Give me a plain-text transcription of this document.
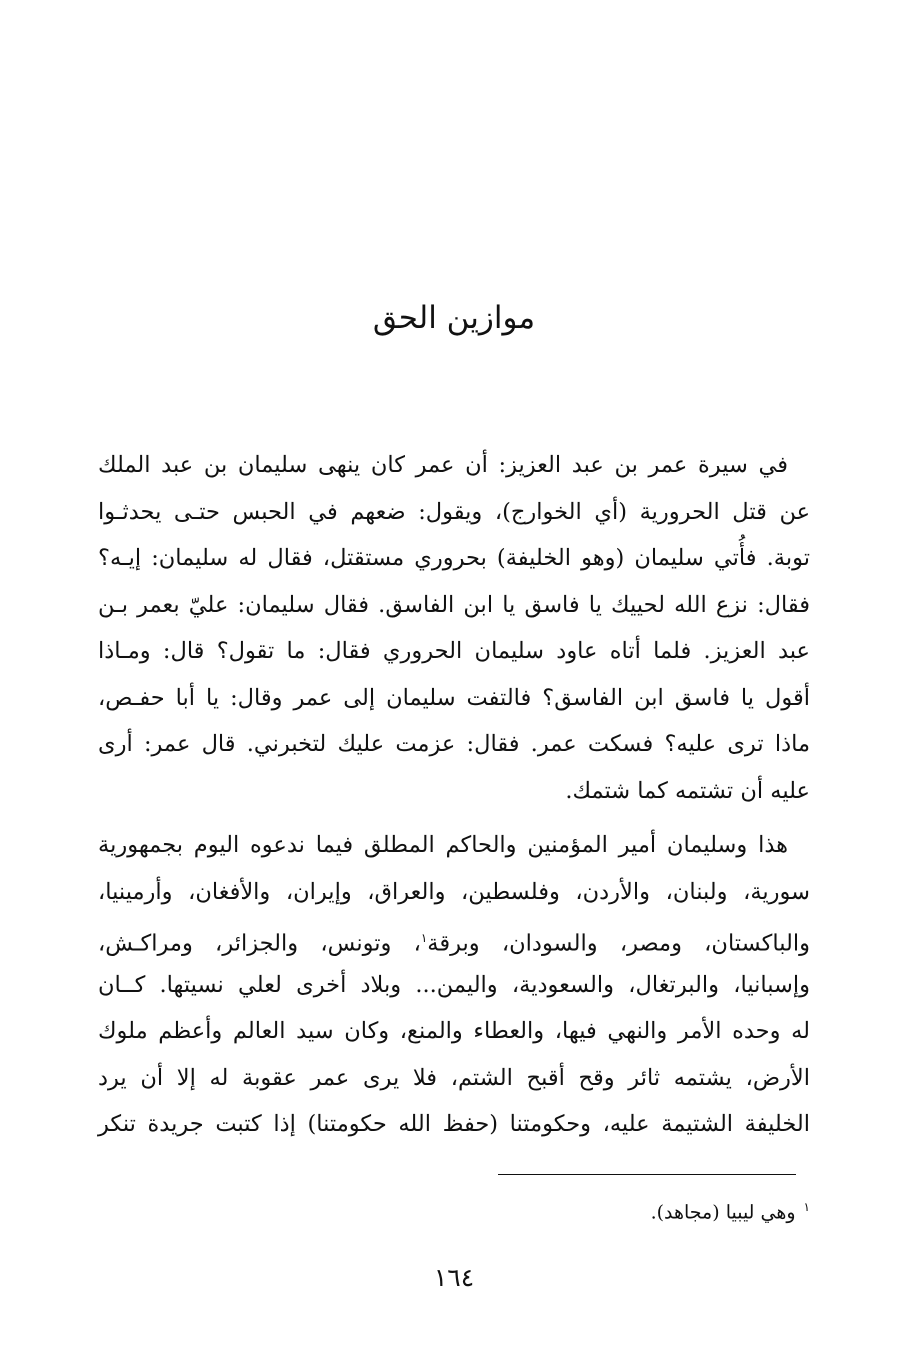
موازين الحق
في سيرة عمر بن عبد العزيز: أن عمر كان ينهى سليمان بن عبد الملك
عن قتل الحرورية (أي الخوارج)، ويقول: ضعهم في الحبس حتـى يحدثـوا
توبة. فأُتي سليمان (وهو الخليفة) بحروري مستقتل، فقال له سليمان: إيـه؟
فقال: نزع الله لحييك يا فاسق يا ابن الفاسق. فقال سليمان: عليّ بعمر بـن
عبد العزيز. فلما أتاه عاود سليمان الحروري فقال: ما تقول؟ قال: ومـاذا
أقول يا فاسق ابن الفاسق؟ فالتفت سليمان إلى عمر وقال: يا أبا حفـص،
ماذا ترى عليه؟ فسكت عمر. فقال: عزمت عليك لتخبرني. قال عمر: أرى
عليه أن تشتمه كما شتمك.
هذا وسليمان أمير المؤمنين والحاكم المطلق فيما ندعوه اليوم بجمهورية
سورية، ولبنان، والأردن، وفلسطين، والعراق، وإيران، والأفغان، وأرمينيا،
والباكستان، ومصر، والسودان، وبرقة$^١$، وتونس، والجزائر، ومراكـش،
وإسبانيا، والبرتغال، والسعودية، واليمن... وبلاد أخرى لعلي نسيتها. كــان
له وحده الأمر والنهي فيها، والعطاء والمنع، وكان سيد العالم وأعظم ملوك
الأرض، يشتمه ثائر وقح أقبح الشتم، فلا يرى عمر عقوبة له إلا أن يرد
الخليفة الشتيمة عليه، وحكومتنا (حفظ الله حكومتنا) إذا كتبت جريدة تنكر
$^١$وهي ليبيا (مجاهد).
١٦٤
